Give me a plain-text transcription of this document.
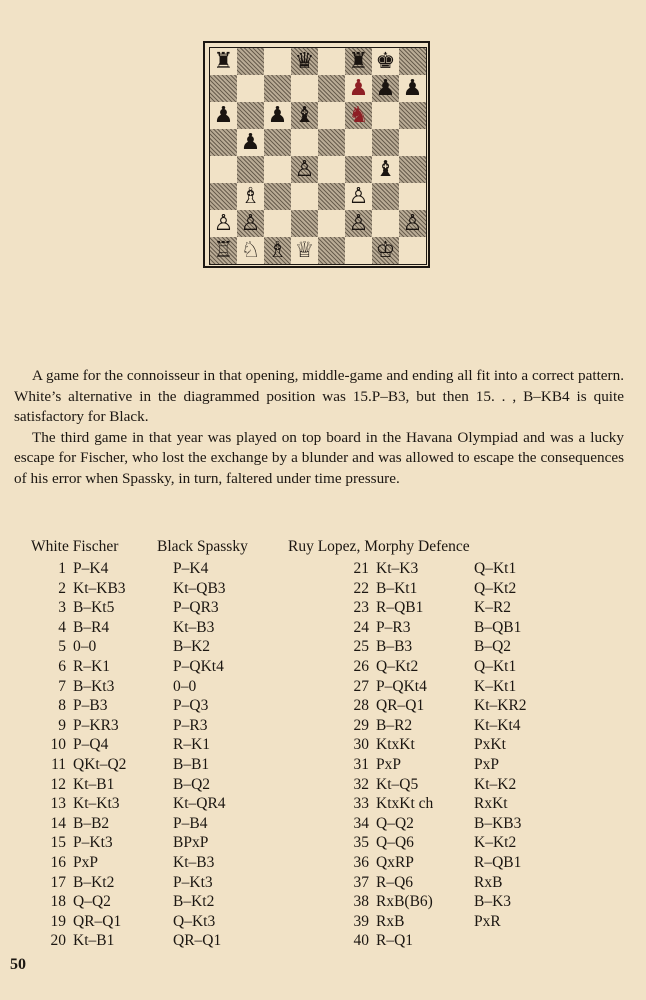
♜	♛ ♜ ♚
♟ ♟ ♟
♟ ♟ ♝ ♞
♟
♙	♝
♗	♙
♙ ♙	♙ ♙
♖ ♘ ♗ ♕	♔

A game for the connoisseur in that opening, middle-game and ending all fit into a correct pattern. White’s alternative in the diagrammed position was 15.P–B3, but then 15. . , B–KB4 is quite satisfactory for Black.

The third game in that year was played on top board in the Havana Olympiad and was a lucky escape for Fischer, who lost the exchange by a blunder and was allowed to escape the consequences of his error when Spassky, in turn, faltered under time pressure.

White Fischer Black Spassky	Ruy Lopez, Morphy Defence
1 P–K4	P–K4
2 Kt–KB3	Kt–QB3
3 B–Kt5	P–QR3
4 B–R4	Kt–B3
5 0–0	B–K2
6 R–K1	P–QKt4
7 B–Kt3	0–0
8 P–B3	P–Q3
9 P–KR3	P–R3
10 P–Q4	R–K1
11 QKt–Q2	B–B1
12 Kt–B1	B–Q2
13 Kt–Kt3	Kt–QR4
14 B–B2	P–B4
15 P–Kt3	BPxP
16 PxP	Kt–B3
17 B–Kt2	P–Kt3
18 Q–Q2	B–Kt2
19 QR–Q1	Q–Kt3
20 Kt–B1	QR–Q1
21 Kt–K3	Q–Kt1
22 B–Kt1	Q–Kt2
23 R–QB1	K–R2
24 P–R3	B–QB1
25 B–B3	B–Q2
26 Q–Kt2	Q–Kt1
27 P–QKt4	K–Kt1
28 QR–Q1	Kt–KR2
29 B–R2	Kt–Kt4
30 KtxKt	PxKt
31 PxP	PxP
32 Kt–Q5	Kt–K2
33 KtxKt ch	RxKt
34 Q–Q2	B–KB3
35 Q–Q6	K–Kt2
36 QxRP	R–QB1
37 R–Q6	RxB
38 RxB(B6)	B–K3
39 RxB	PxR
40 R–Q1
50
